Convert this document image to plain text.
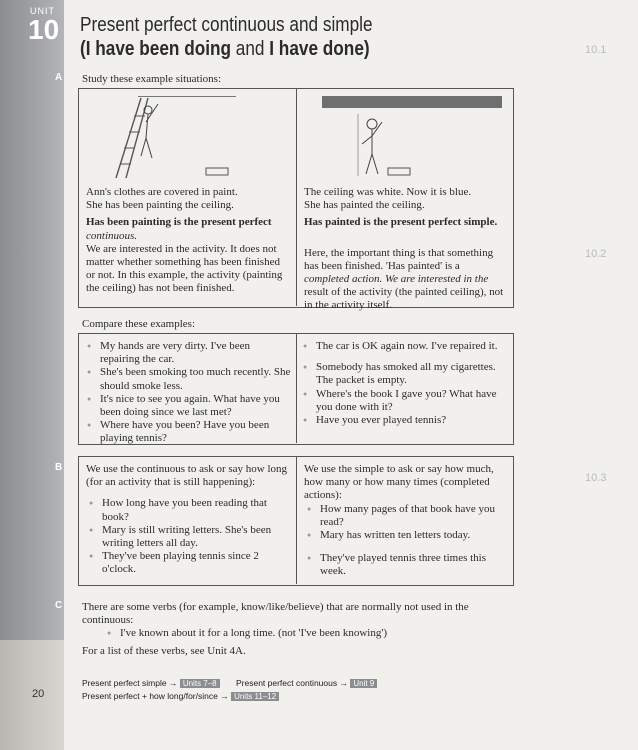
UNIT
10
A
B
C
20
Present perfect continuous and simple
(I have been doing and I have done)	10.1
10.2
10.3
Study these example situations:
Ann's clothes are covered in paint.
She has been painting the ceiling.
Has been painting is the present perfect
continuous.
We are interested in the activity. It does not
matter whether something has been finished
or not. In this example, the activity (painting
the ceiling) has not been finished.
The ceiling was white. Now it is blue.
She has painted the ceiling.
Has painted is the present perfect simple.
Here, the important thing is that something
has been finished. 'Has painted' is a
completed action. We are interested in the
result of the activity (the painted ceiling), not
in the activity itself.
Compare these examples:
● My hands are very dirty. I've been repairing the car.
● She's been smoking too much recently. She should smoke less.
● It's nice to see you again. What have you been doing since we last met?
● Where have you been? Have you been playing tennis?
● The car is OK again now. I've repaired it.
● Somebody has smoked all my cigarettes. The packet is empty.
● Where's the book I gave you? What have you done with it?
● Have you ever played tennis?
We use the continuous to ask or say how long (for an activity that is still happening):
● How long have you been reading that book?
● Mary is still writing letters. She's been writing letters all day.
● They've been playing tennis since 2 o'clock.
We use the simple to ask or say how much, how many or how many times (completed actions):
● How many pages of that book have you read?
● Mary has written ten letters today.
● They've played tennis three times this week.
There are some verbs (for example, know/like/believe) that are normally not used in the
continuous:
● I've known about it for a long time. (not 'I've been knowing')
For a list of these verbs, see Unit 4A.
Present perfect simple → Units 7–8 Present perfect continuous → Unit 9
Present perfect + how long/for/since → Units 11–12
